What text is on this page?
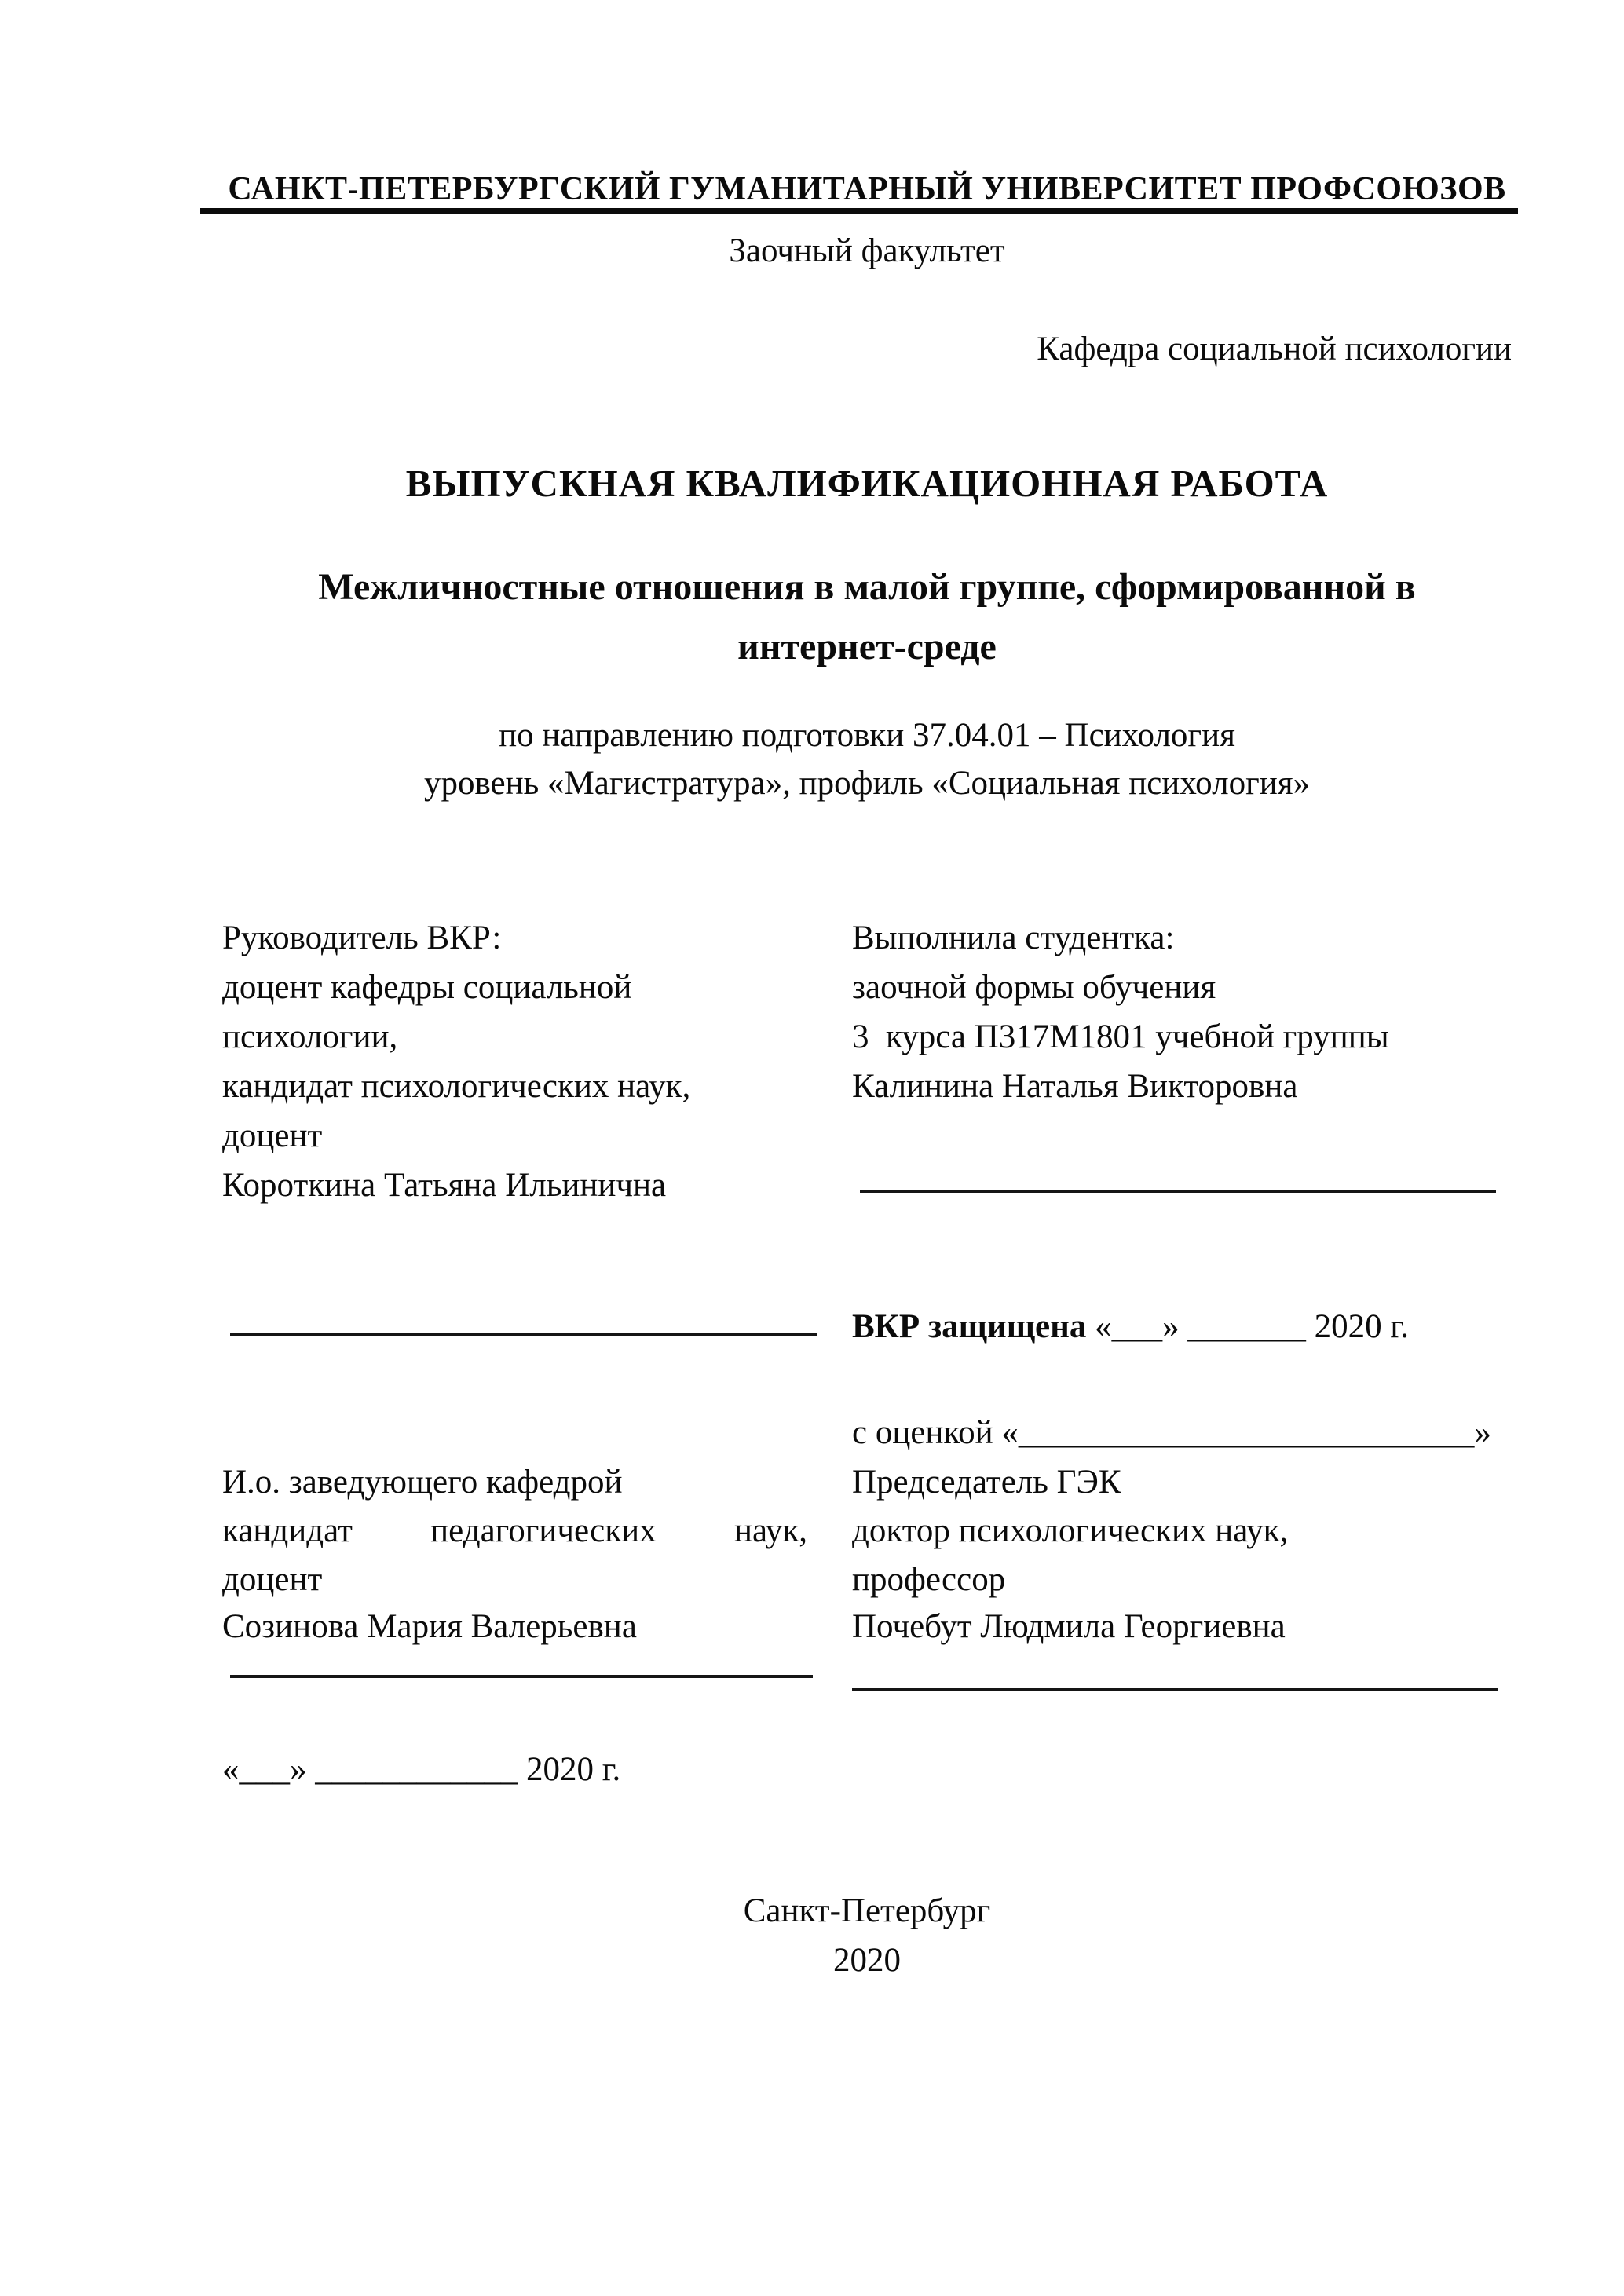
САНКТ-ПЕТЕРБУРГСКИЙ ГУМАНИТАРНЫЙ УНИВЕРСИТЕТ ПРОФСОЮЗОВ
Заочный факультет
Кафедра социальной психологии
ВЫПУСКНАЯ КВАЛИФИКАЦИОННАЯ РАБОТА
Межличностные отношения в малой группе, сформированной в
интернет-среде
по направлению подготовки 37.04.01 – Психология
уровень «Магистратура», профиль «Социальная психология»
Руководитель ВКР:
доцент кафедры социальной
психологии,
кандидат психологических наук,
доцент
Короткина Татьяна Ильинична
Выполнила студентка:
заочной формы обучения
3  курса П317М1801 учебной группы
Калинина Наталья Викторовна
ВКР защищена «___» _______ 2020 г.
с оценкой «___________________________»
И.о. заведующего кафедрой
кандидат педагогических наук,
доцент
Созинова Мария Валерьевна
«___» ____________ 2020 г.
Председатель ГЭК
доктор психологических наук,
профессор
Почебут Людмила Георгиевна
Санкт-Петербург
2020
